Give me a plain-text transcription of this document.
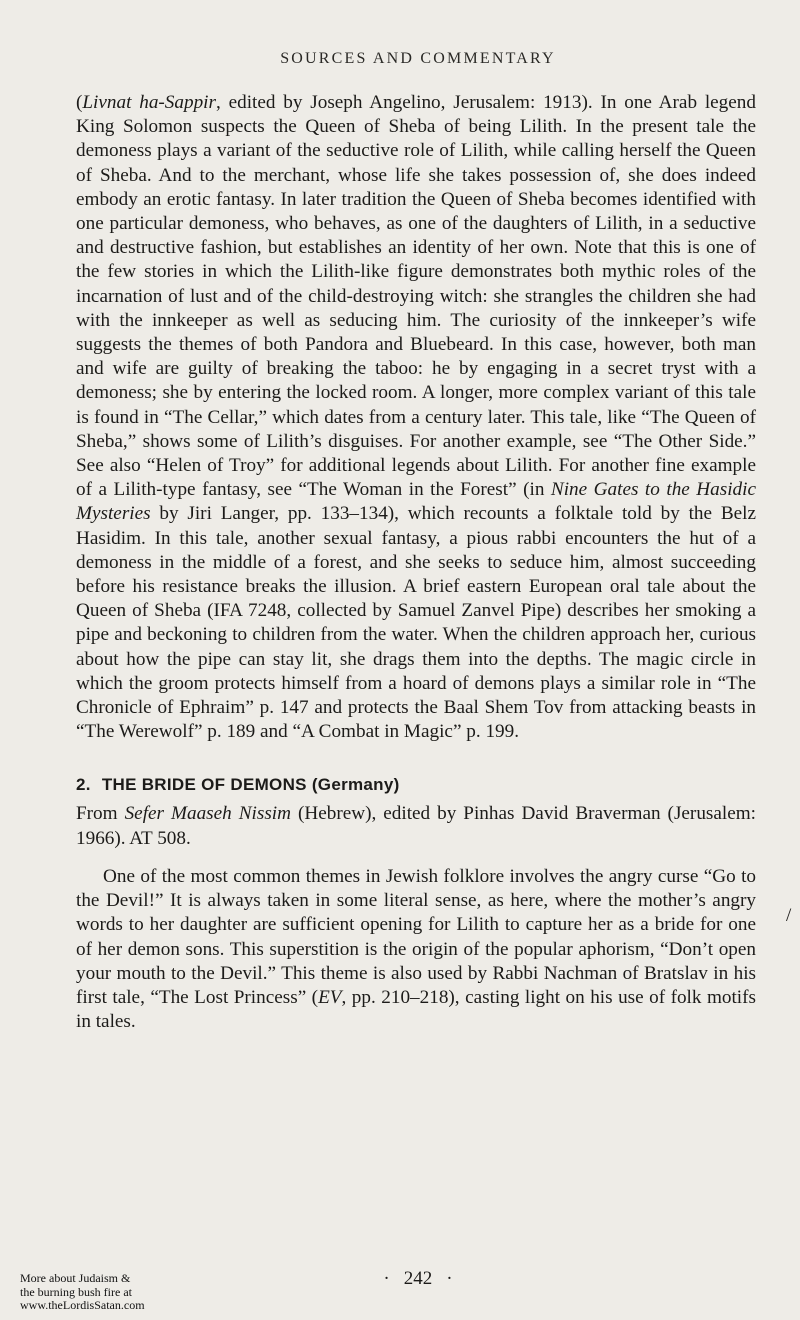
SOURCES AND COMMENTARY

(Livnat ha-Sappir, edited by Joseph Angelino, Jerusalem: 1913). In one Arab legend King Solomon suspects the Queen of Sheba of being Lilith. In the present tale the demoness plays a variant of the seductive role of Lilith, while calling herself the Queen of Sheba. And to the merchant, whose life she takes possession of, she does indeed embody an erotic fantasy. In later tradition the Queen of Sheba becomes identified with one particular demoness, who behaves, as one of the daughters of Lilith, in a seductive and destructive fashion, but establishes an identity of her own. Note that this is one of the few stories in which the Lilith-like figure demonstrates both mythic roles of the incarnation of lust and of the child-destroying witch: she strangles the children she had with the innkeeper as well as seducing him. The curiosity of the innkeeper’s wife suggests the themes of both Pandora and Bluebeard. In this case, however, both man and wife are guilty of breaking the taboo: he by engaging in a secret tryst with a demoness; she by entering the locked room. A longer, more complex variant of this tale is found in “The Cellar,” which dates from a century later. This tale, like “The Queen of Sheba,” shows some of Lilith’s disguises. For another example, see “The Other Side.” See also “Helen of Troy” for additional legends about Lilith. For another fine example of a Lilith-type fantasy, see “The Woman in the Forest” (in Nine Gates to the Hasidic Mysteries by Jiri Langer, pp. 133–134), which recounts a folktale told by the Belz Hasidim. In this tale, another sexual fantasy, a pious rabbi encounters the hut of a demoness in the middle of a forest, and she seeks to seduce him, almost succeeding before his resistance breaks the illusion. A brief eastern European oral tale about the Queen of Sheba (IFA 7248, collected by Samuel Zanvel Pipe) describes her smoking a pipe and beckoning to children from the water. When the children approach her, curious about how the pipe can stay lit, she drags them into the depths. The magic circle in which the groom protects himself from a hoard of demons plays a similar role in “The Chronicle of Ephraim” p. 147 and protects the Baal Shem Tov from attacking beasts in “The Werewolf” p. 189 and “A Combat in Magic” p. 199.

2. THE BRIDE OF DEMONS (Germany)

From Sefer Maaseh Nissim (Hebrew), edited by Pinhas David Braverman (Jerusalem: 1966). AT 508.

One of the most common themes in Jewish folklore involves the angry curse “Go to the Devil!” It is always taken in some literal sense, as here, where the mother’s angry words to her daughter are sufficient opening for Lilith to capture her as a bride for one of her demon sons. This superstition is the origin of the popular aphorism, “Don’t open your mouth to the Devil.” This theme is also used by Rabbi Nachman of Bratslav in his first tale, “The Lost Princess” (EV, pp. 210–218), casting light on his use of folk motifs in tales.

/
· 242 ·
More about Judaism &
the burning bush fire at
www.theLordisSatan.com
